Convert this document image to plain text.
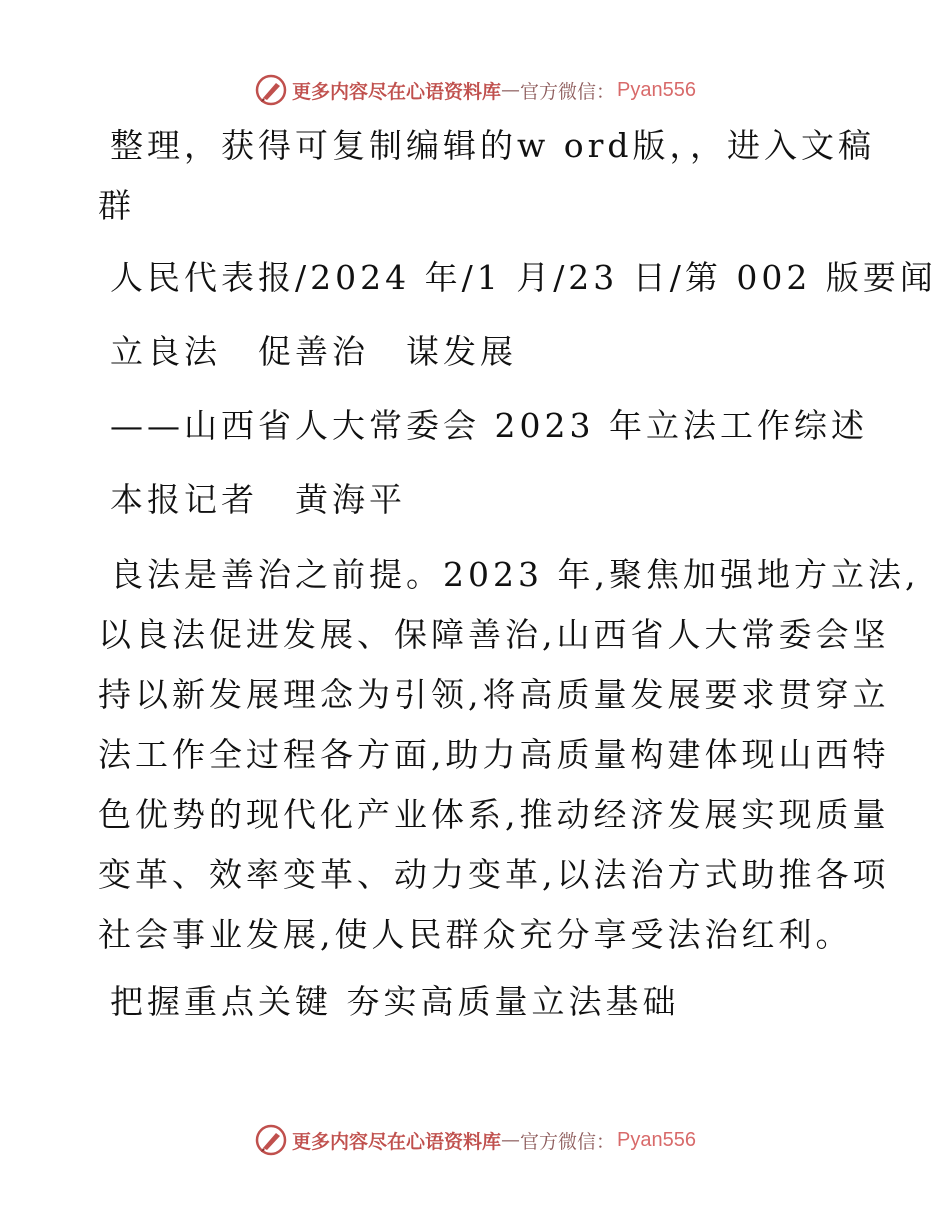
更多内容尽在心语资料库 — 官方微信： Pyan556
整理，获得可复制编辑的w ord版，，进入文稿
群
人民代表报/2024 年/1 月/23 日/第 002 版要闻
立良法　促善治　谋发展
——山西省人大常委会 2023 年立法工作综述
本报记者　黄海平
良法是善治之前提。2023 年,聚焦加强地方立法,
以良法促进发展、保障善治,山西省人大常委会坚
持以新发展理念为引领,将高质量发展要求贯穿立
法工作全过程各方面,助力高质量构建体现山西特
色优势的现代化产业体系,推动经济发展实现质量
变革、效率变革、动力变革,以法治方式助推各项
社会事业发展,使人民群众充分享受法治红利。
把握重点关键 夯实高质量立法基础
更多内容尽在心语资料库 — 官方微信： Pyan556
